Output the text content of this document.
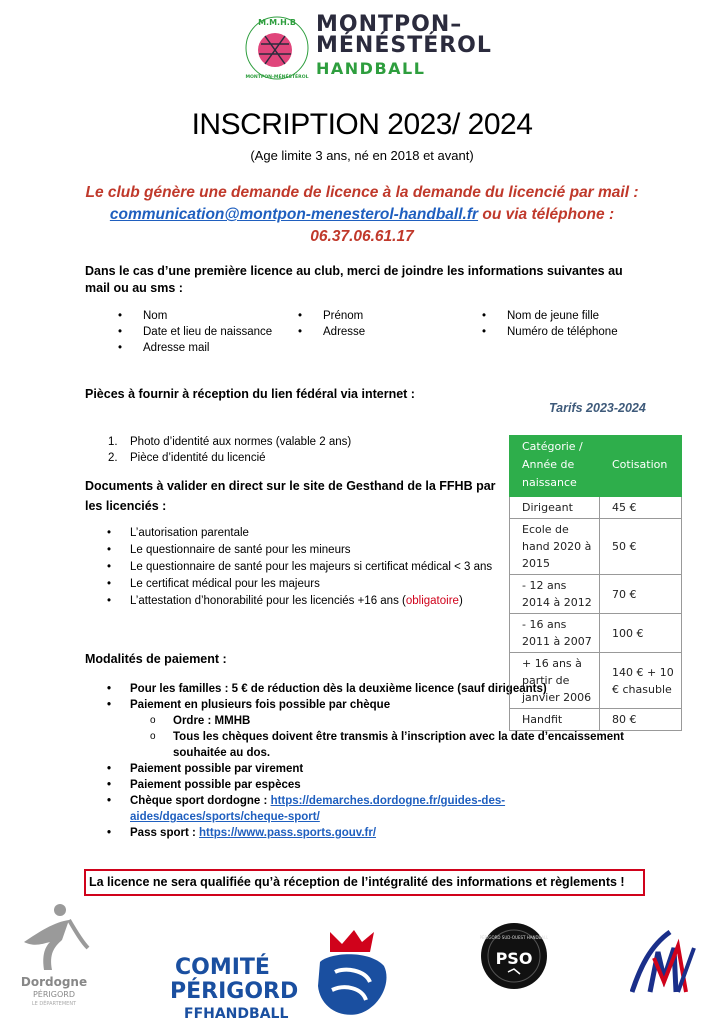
M.M.H.B
MONTPON-MÉNÉSTÉROL
MONTPON–
MÉNÉSTÉROL
HANDBALL
INSCRIPTION 2023/ 2024
(Age limite 3 ans, né en 2018 et avant)
Le club génère une demande de licence à la demande du licencié par mail :
communication@montpon-menesterol-handball.fr ou via téléphone :
06.37.06.61.17
Dans le cas d’une première licence au club, merci de joindre les informations suivantes au mail ou au sms :
• Nom
• Date et lieu de naissance
• Adresse mail
• Prénom
• Adresse
• Nom de jeune fille
• Numéro de téléphone
Pièces à fournir à réception du lien fédéral via internet :
Tarifs 2023-2024
1. Photo d’identité aux normes (valable 2 ans)
2. Pièce d’identité du licencié
Documents à valider en direct sur le site de Gesthand de la FFHB par les licenciés :
• L’autorisation parentale
• Le questionnaire de santé pour les mineurs
• Le questionnaire de santé pour les majeurs si certificat médical < 3 ans
• Le certificat médical pour les majeurs
• L’attestation d’honorabilité pour les licenciés +16 ans (obligatoire)
Modalités de paiement :
• Pour les familles : 5 € de réduction dès la deuxième licence (sauf dirigeants)
• Paiement en plusieurs fois possible par chèque
o Ordre : MMHB
o Tous les chèques doivent être transmis à l’inscription avec la date d’encaissement souhaitée au dos.
• Paiement possible par virement
• Paiement possible par espèces
• Chèque sport dordogne : https://demarches.dordogne.fr/guides-des-aides/dgaces/sports/cheque-sport/
• Pass sport : https://www.pass.sports.gouv.fr/
La licence ne sera qualifiée qu’à réception de l’intégralité des informations et règlements !
Catégorie / Année de naissance	Cotisation
Dirigeant	45 €
Ecole de hand 2020 à 2015	50 €
- 12 ans 2014 à 2012	70 €
- 16 ans 2011 à 2007	100 €
+ 16 ans à partir de janvier 2006	140 € + 10 € chasuble
Handfit	80 €
Dordogne
PÉRIGORD
LE DÉPARTEMENT
COMITÉ
PÉRIGORD
FFHANDBALL
PÉRIGORD SUD-OUEST HANDBALL
PSO
